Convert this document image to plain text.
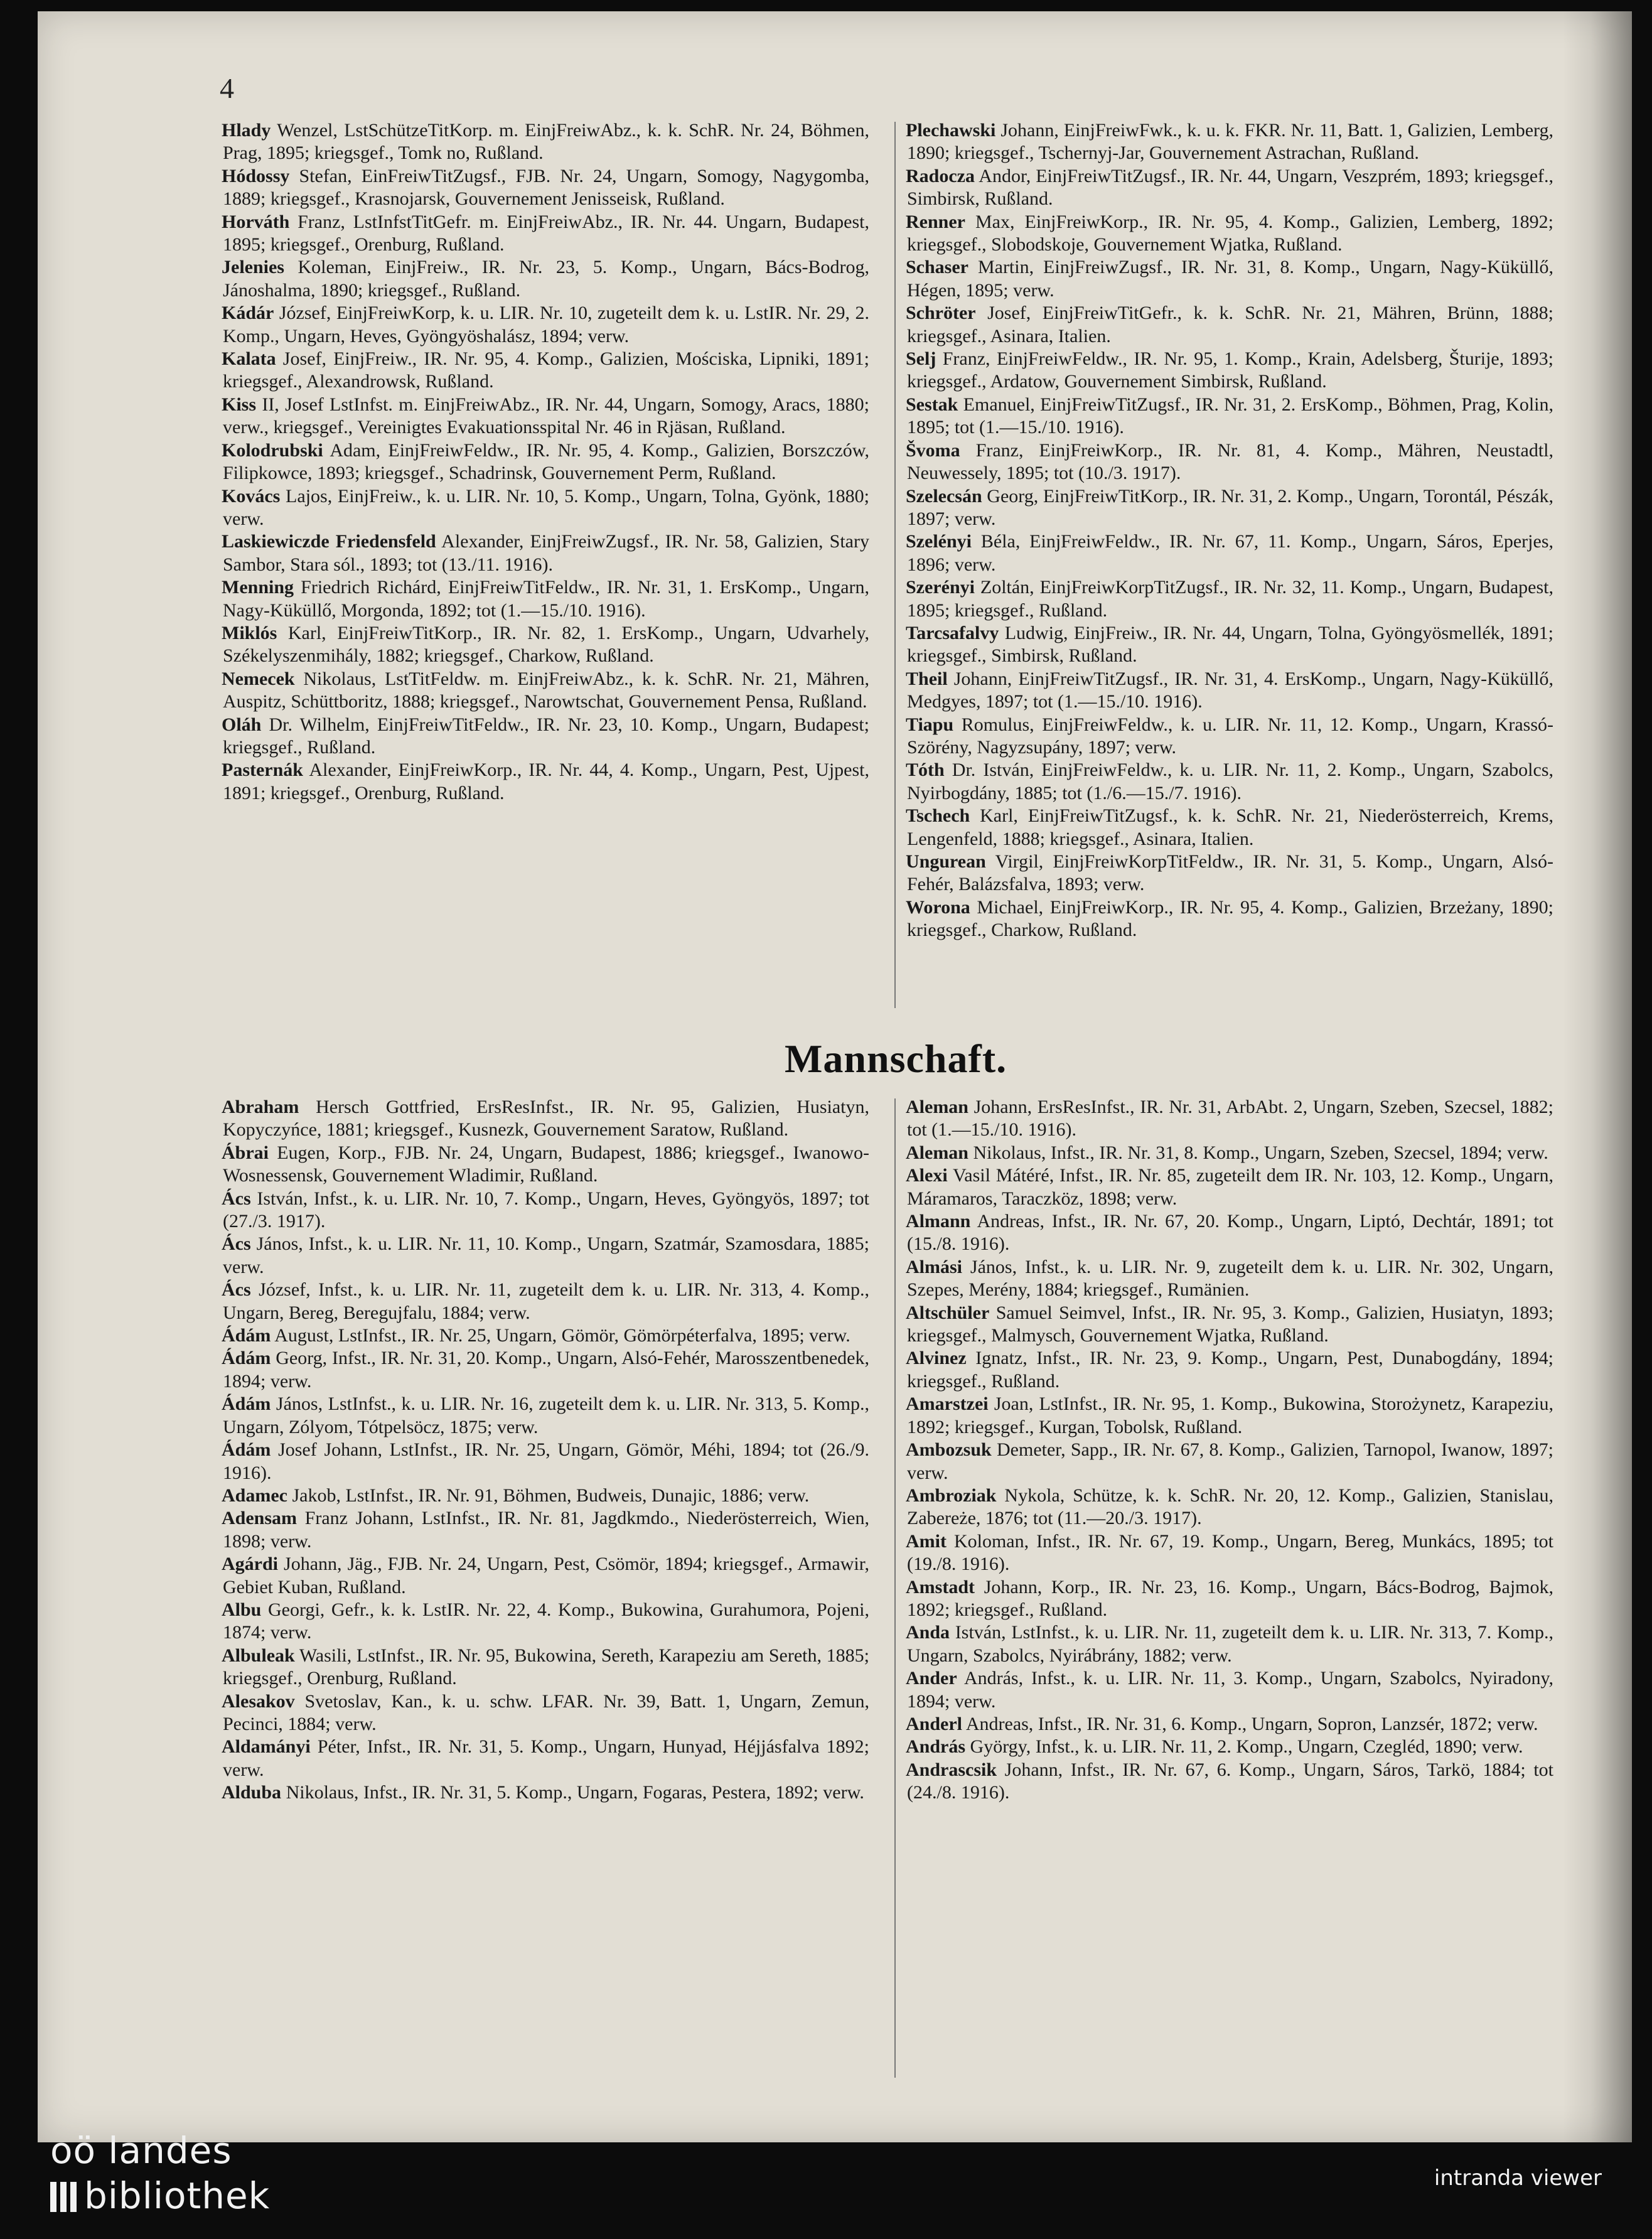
4

Hlady Wenzel, LstSchützeTitKorp. m. EinjFreiwAbz., k. k. SchR. Nr. 24, Böhmen, Prag, 1895; kriegsgef., Tomk no, Rußland.

Hódossy Stefan, EinFreiwTitZugsf., FJB. Nr. 24, Ungarn, Somogy, Nagygomba, 1889; kriegsgef., Krasnojarsk, Gouvernement Jenisseisk, Rußland.

Horváth Franz, LstInfstTitGefr. m. EinjFreiwAbz., IR. Nr. 44. Ungarn, Budapest, 1895; kriegsgef., Orenburg, Rußland.

Jelenies Koleman, EinjFreiw., IR. Nr. 23, 5. Komp., Ungarn, Bács-Bodrog, Jánoshalma, 1890; kriegsgef., Rußland.

Kádár József, EinjFreiwKorp, k. u. LIR. Nr. 10, zugeteilt dem k. u. LstIR. Nr. 29, 2. Komp., Ungarn, Heves, Gyöngyöshalász, 1894; verw.

Kalata Josef, EinjFreiw., IR. Nr. 95, 4. Komp., Galizien, Mościska, Lipniki, 1891; kriegsgef., Alexandrowsk, Rußland.

Kiss II, Josef LstInfst. m. EinjFreiwAbz., IR. Nr. 44, Ungarn, Somogy, Aracs, 1880; verw., kriegsgef., Vereinigtes Evakuationsspital Nr. 46 in Rjäsan, Rußland.

Kolodrubski Adam, EinjFreiwFeldw., IR. Nr. 95, 4. Komp., Galizien, Borszczów, Filipkowce, 1893; kriegsgef., Schadrinsk, Gouvernement Perm, Rußland.

Kovács Lajos, EinjFreiw., k. u. LIR. Nr. 10, 5. Komp., Ungarn, Tolna, Gyönk, 1880; verw.

Laskiewiczde Friedensfeld Alexander, EinjFreiwZugsf., IR. Nr. 58, Galizien, Stary Sambor, Stara sól., 1893; tot (13./11. 1916).

Menning Friedrich Richárd, EinjFreiwTitFeldw., IR. Nr. 31, 1. ErsKomp., Ungarn, Nagy-Küküllő, Morgonda, 1892; tot (1.—15./10. 1916).

Miklós Karl, EinjFreiwTitKorp., IR. Nr. 82, 1. ErsKomp., Ungarn, Udvarhely, Székelyszenmihály, 1882; kriegsgef., Charkow, Rußland.

Nemecek Nikolaus, LstTitFeldw. m. EinjFreiwAbz., k. k. SchR. Nr. 21, Mähren, Auspitz, Schüttboritz, 1888; kriegsgef., Narowtschat, Gouvernement Pensa, Rußland.

Oláh Dr. Wilhelm, EinjFreiwTitFeldw., IR. Nr. 23, 10. Komp., Ungarn, Budapest; kriegsgef., Rußland.

Pasternák Alexander, EinjFreiwKorp., IR. Nr. 44, 4. Komp., Ungarn, Pest, Ujpest, 1891; kriegsgef., Orenburg, Rußland.

Plechawski Johann, EinjFreiwFwk., k. u. k. FKR. Nr. 11, Batt. 1, Galizien, Lemberg, 1890; kriegsgef., Tschernyj-Jar, Gouvernement Astrachan, Rußland.

Radocza Andor, EinjFreiwTitZugsf., IR. Nr. 44, Ungarn, Veszprém, 1893; kriegsgef., Simbirsk, Rußland.

Renner Max, EinjFreiwKorp., IR. Nr. 95, 4. Komp., Galizien, Lemberg, 1892; kriegsgef., Slobodskoje, Gouvernement Wjatka, Rußland.

Schaser Martin, EinjFreiwZugsf., IR. Nr. 31, 8. Komp., Ungarn, Nagy-Küküllő, Hégen, 1895; verw.

Schröter Josef, EinjFreiwTitGefr., k. k. SchR. Nr. 21, Mähren, Brünn, 1888; kriegsgef., Asinara, Italien.

Selj Franz, EinjFreiwFeldw., IR. Nr. 95, 1. Komp., Krain, Adelsberg, Šturije, 1893; kriegsgef., Ardatow, Gouvernement Simbirsk, Rußland.

Sestak Emanuel, EinjFreiwTitZugsf., IR. Nr. 31, 2. ErsKomp., Böhmen, Prag, Kolin, 1895; tot (1.—15./10. 1916).

Švoma Franz, EinjFreiwKorp., IR. Nr. 81, 4. Komp., Mähren, Neustadtl, Neuwessely, 1895; tot (10./3. 1917).

Szelecsán Georg, EinjFreiwTitKorp., IR. Nr. 31, 2. Komp., Ungarn, Torontál, Pészák, 1897; verw.

Szelényi Béla, EinjFreiwFeldw., IR. Nr. 67, 11. Komp., Ungarn, Sáros, Eperjes, 1896; verw.

Szerényi Zoltán, EinjFreiwKorpTitZugsf., IR. Nr. 32, 11. Komp., Ungarn, Budapest, 1895; kriegsgef., Rußland.

Tarcsafalvy Ludwig, EinjFreiw., IR. Nr. 44, Ungarn, Tolna, Gyöngyösmellék, 1891; kriegsgef., Simbirsk, Rußland.

Theil Johann, EinjFreiwTitZugsf., IR. Nr. 31, 4. ErsKomp., Ungarn, Nagy-Küküllő, Medgyes, 1897; tot (1.—15./10. 1916).

Tiapu Romulus, EinjFreiwFeldw., k. u. LIR. Nr. 11, 12. Komp., Ungarn, Krassó-Szörény, Nagyzsupány, 1897; verw.

Tóth Dr. István, EinjFreiwFeldw., k. u. LIR. Nr. 11, 2. Komp., Ungarn, Szabolcs, Nyirbogdány, 1885; tot (1./6.—15./7. 1916).

Tschech Karl, EinjFreiwTitZugsf., k. k. SchR. Nr. 21, Niederösterreich, Krems, Lengenfeld, 1888; kriegsgef., Asinara, Italien.

Ungurean Virgil, EinjFreiwKorpTitFeldw., IR. Nr. 31, 5. Komp., Ungarn, Alsó-Fehér, Balázsfalva, 1893; verw.

Worona Michael, EinjFreiwKorp., IR. Nr. 95, 4. Komp., Galizien, Brzeżany, 1890; kriegsgef., Charkow, Rußland.

Mannschaft.

Abraham Hersch Gottfried, ErsResInfst., IR. Nr. 95, Galizien, Husiatyn, Kopyczyńce, 1881; kriegsgef., Kusnezk, Gouvernement Saratow, Rußland.

Ábrai Eugen, Korp., FJB. Nr. 24, Ungarn, Budapest, 1886; kriegsgef., Iwanowo-Wosnessensk, Gouvernement Wladimir, Rußland.

Ács István, Infst., k. u. LIR. Nr. 10, 7. Komp., Ungarn, Heves, Gyöngyös, 1897; tot (27./3. 1917).

Ács János, Infst., k. u. LIR. Nr. 11, 10. Komp., Ungarn, Szatmár, Szamosdara, 1885; verw.

Ács József, Infst., k. u. LIR. Nr. 11, zugeteilt dem k. u. LIR. Nr. 313, 4. Komp., Ungarn, Bereg, Beregujfalu, 1884; verw.

Ádám August, LstInfst., IR. Nr. 25, Ungarn, Gömör, Gömörpéterfalva, 1895; verw.

Ádám Georg, Infst., IR. Nr. 31, 20. Komp., Ungarn, Alsó-Fehér, Marosszentbenedek, 1894; verw.

Ádám János, LstInfst., k. u. LIR. Nr. 16, zugeteilt dem k. u. LIR. Nr. 313, 5. Komp., Ungarn, Zólyom, Tótpelsöcz, 1875; verw.

Ádám Josef Johann, LstInfst., IR. Nr. 25, Ungarn, Gömör, Méhi, 1894; tot (26./9. 1916).

Adamec Jakob, LstInfst., IR. Nr. 91, Böhmen, Budweis, Dunajic, 1886; verw.

Adensam Franz Johann, LstInfst., IR. Nr. 81, Jagdkmdo., Niederösterreich, Wien, 1898; verw.

Agárdi Johann, Jäg., FJB. Nr. 24, Ungarn, Pest, Csömör, 1894; kriegsgef., Armawir, Gebiet Kuban, Rußland.

Albu Georgi, Gefr., k. k. LstIR. Nr. 22, 4. Komp., Bukowina, Gurahumora, Pojeni, 1874; verw.

Albuleak Wasili, LstInfst., IR. Nr. 95, Bukowina, Sereth, Karapeziu am Sereth, 1885; kriegsgef., Orenburg, Rußland.

Alesakov Svetoslav, Kan., k. u. schw. LFAR. Nr. 39, Batt. 1, Ungarn, Zemun, Pecinci, 1884; verw.

Aldamányi Péter, Infst., IR. Nr. 31, 5. Komp., Ungarn, Hunyad, Héjjásfalva 1892; verw.

Alduba Nikolaus, Infst., IR. Nr. 31, 5. Komp., Ungarn, Fogaras, Pestera, 1892; verw.

Aleman Johann, ErsResInfst., IR. Nr. 31, ArbAbt. 2, Ungarn, Szeben, Szecsel, 1882; tot (1.—15./10. 1916).

Aleman Nikolaus, Infst., IR. Nr. 31, 8. Komp., Ungarn, Szeben, Szecsel, 1894; verw.

Alexi Vasil Mátéré, Infst., IR. Nr. 85, zugeteilt dem IR. Nr. 103, 12. Komp., Ungarn, Máramaros, Taraczköz, 1898; verw.

Almann Andreas, Infst., IR. Nr. 67, 20. Komp., Ungarn, Liptó, Dechtár, 1891; tot (15./8. 1916).

Almási János, Infst., k. u. LIR. Nr. 9, zugeteilt dem k. u. LIR. Nr. 302, Ungarn, Szepes, Merény, 1884; kriegsgef., Rumänien.

Altschüler Samuel Seimvel, Infst., IR. Nr. 95, 3. Komp., Galizien, Husiatyn, 1893; kriegsgef., Malmysch, Gouvernement Wjatka, Rußland.

Alvinez Ignatz, Infst., IR. Nr. 23, 9. Komp., Ungarn, Pest, Dunabogdány, 1894; kriegsgef., Rußland.

Amarstzei Joan, LstInfst., IR. Nr. 95, 1. Komp., Bukowina, Storożynetz, Karapeziu, 1892; kriegsgef., Kurgan, Tobolsk, Rußland.

Ambozsuk Demeter, Sapp., IR. Nr. 67, 8. Komp., Galizien, Tarnopol, Iwanow, 1897; verw.

Ambroziak Nykola, Schütze, k. k. SchR. Nr. 20, 12. Komp., Galizien, Stanislau, Zabereże, 1876; tot (11.—20./3. 1917).

Amit Koloman, Infst., IR. Nr. 67, 19. Komp., Ungarn, Bereg, Munkács, 1895; tot (19./8. 1916).

Amstadt Johann, Korp., IR. Nr. 23, 16. Komp., Ungarn, Bács-Bodrog, Bajmok, 1892; kriegsgef., Rußland.

Anda István, LstInfst., k. u. LIR. Nr. 11, zugeteilt dem k. u. LIR. Nr. 313, 7. Komp., Ungarn, Szabolcs, Nyirábrány, 1882; verw.

Ander András, Infst., k. u. LIR. Nr. 11, 3. Komp., Ungarn, Szabolcs, Nyiradony, 1894; verw.

Anderl Andreas, Infst., IR. Nr. 31, 6. Komp., Ungarn, Sopron, Lanzsér, 1872; verw.

András György, Infst., k. u. LIR. Nr. 11, 2. Komp., Ungarn, Czegléd, 1890; verw.

Andrascsik Johann, Infst., IR. Nr. 67, 6. Komp., Ungarn, Sáros, Tarkö, 1884; tot (24./8. 1916).

oö landes
bibliothek	intranda viewer
